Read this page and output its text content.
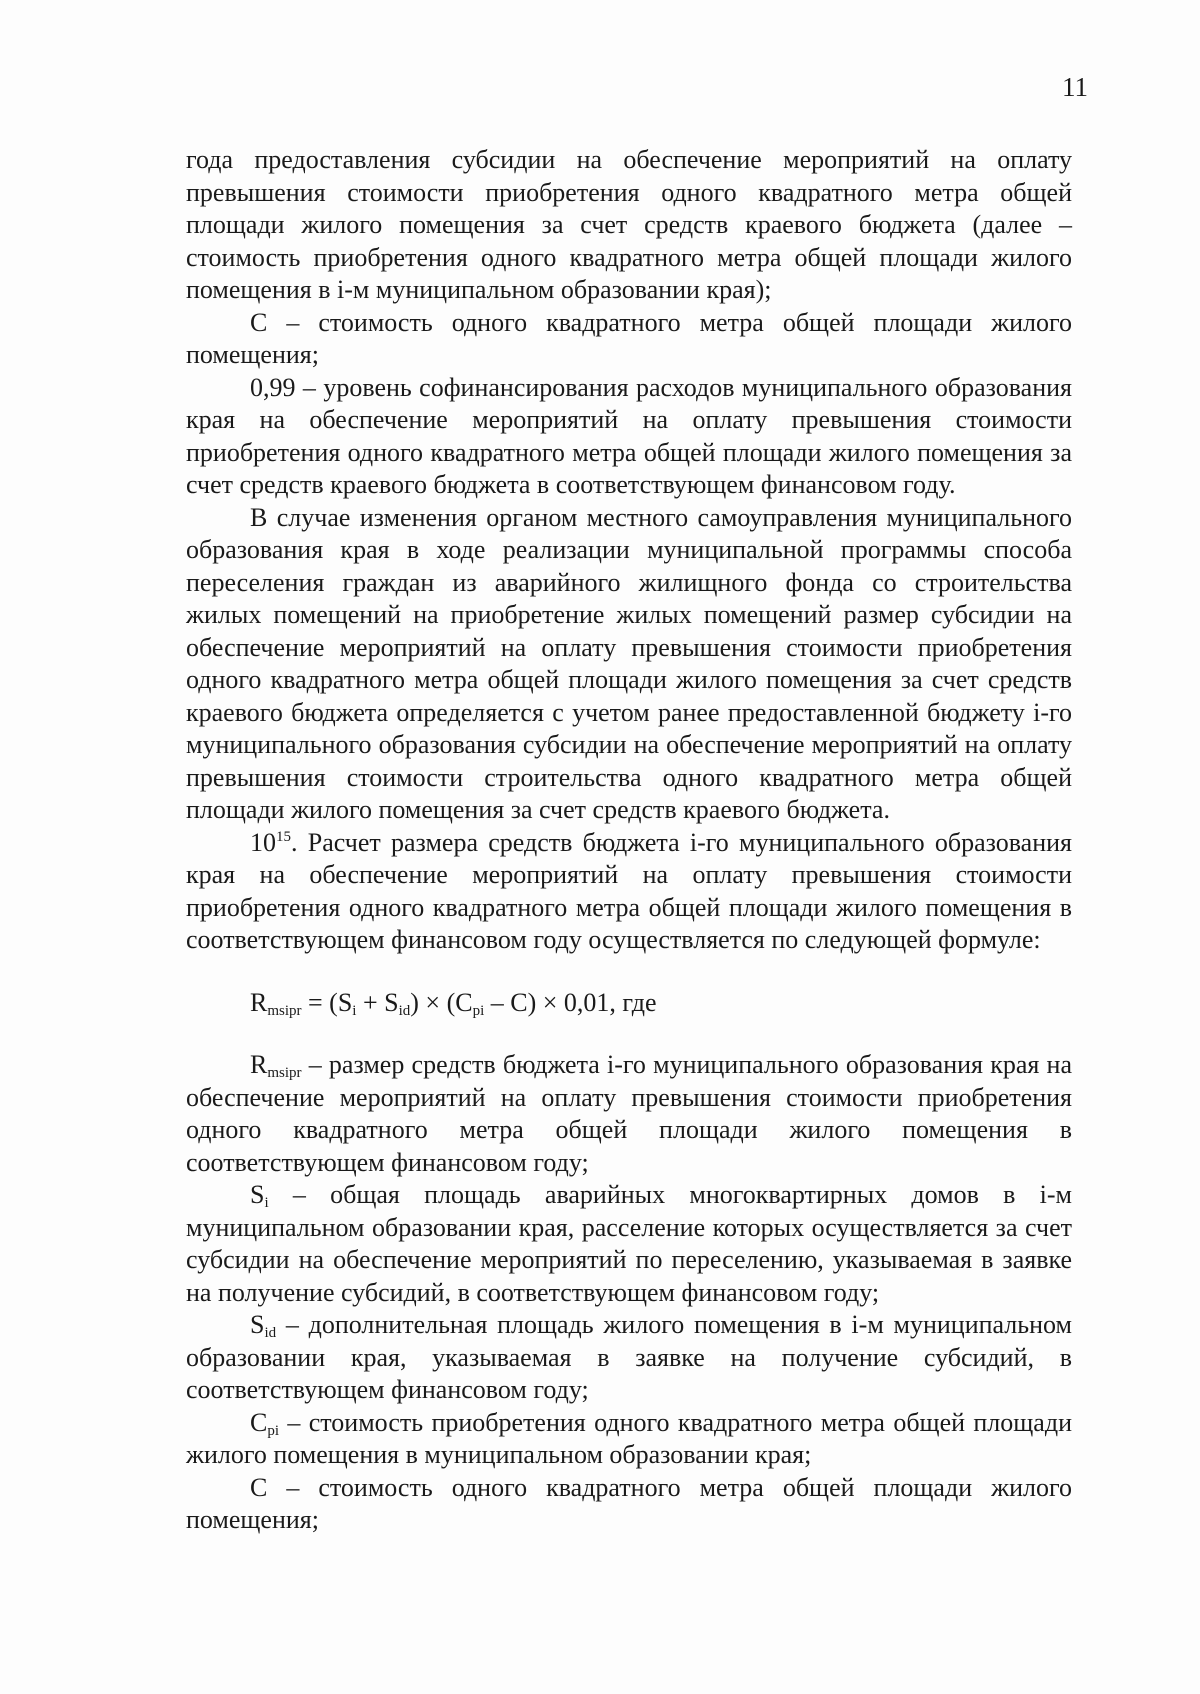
11

года предоставления субсидии на обеспечение мероприятий на оплату превышения стоимости приобретения одного квадратного метра общей площади жилого помещения за счет средств краевого бюджета (далее – стоимость приобретения одного квадратного метра общей площади жилого помещения в i-м муниципальном образовании края);

C – стоимость одного квадратного метра общей площади жилого помещения;

0,99 – уровень софинансирования расходов муниципального образования края на обеспечение мероприятий на оплату превышения стоимости приобретения одного квадратного метра общей площади жилого помещения за счет средств краевого бюджета в соответствующем финансовом году.

В случае изменения органом местного самоуправления муниципального образования края в ходе реализации муниципальной программы способа переселения граждан из аварийного жилищного фонда со строительства жилых помещений на приобретение жилых помещений размер субсидии на обеспечение мероприятий на оплату превышения стоимости приобретения одного квадратного метра общей площади жилого помещения за счет средств краевого бюджета определяется с учетом ранее предоставленной бюджету i-го муниципального образования субсидии на обеспечение мероприятий на оплату превышения стоимости строительства одного квадратного метра общей площади жилого помещения за счет средств краевого бюджета.

$10^{15}$. Расчет размера средств бюджета i-го муниципального образования края на обеспечение мероприятий на оплату превышения стоимости приобретения одного квадратного метра общей площади жилого помещения в соответствующем финансовом году осуществляется по следующей формуле:

$R_{msipr} = (S_i + S_{id}) \times (C_{pi} - C) \times 0,01$, где

$R_{msipr}$ – размер средств бюджета i-го муниципального образования края на обеспечение мероприятий на оплату превышения стоимости приобретения одного квадратного метра общей площади жилого помещения в соответствующем финансовом году;

$S_i$ – общая площадь аварийных многоквартирных домов в i-м муниципальном образовании края, расселение которых осуществляется за счет субсидии на обеспечение мероприятий по переселению, указываемая в заявке на получение субсидий, в соответствующем финансовом году;

$S_{id}$ – дополнительная площадь жилого помещения в i-м муниципальном образовании края, указываемая в заявке на получение субсидий, в соответствующем финансовом году;

$C_{pi}$ – стоимость приобретения одного квадратного метра общей площади жилого помещения в муниципальном образовании края;

C – стоимость одного квадратного метра общей площади жилого помещения;
